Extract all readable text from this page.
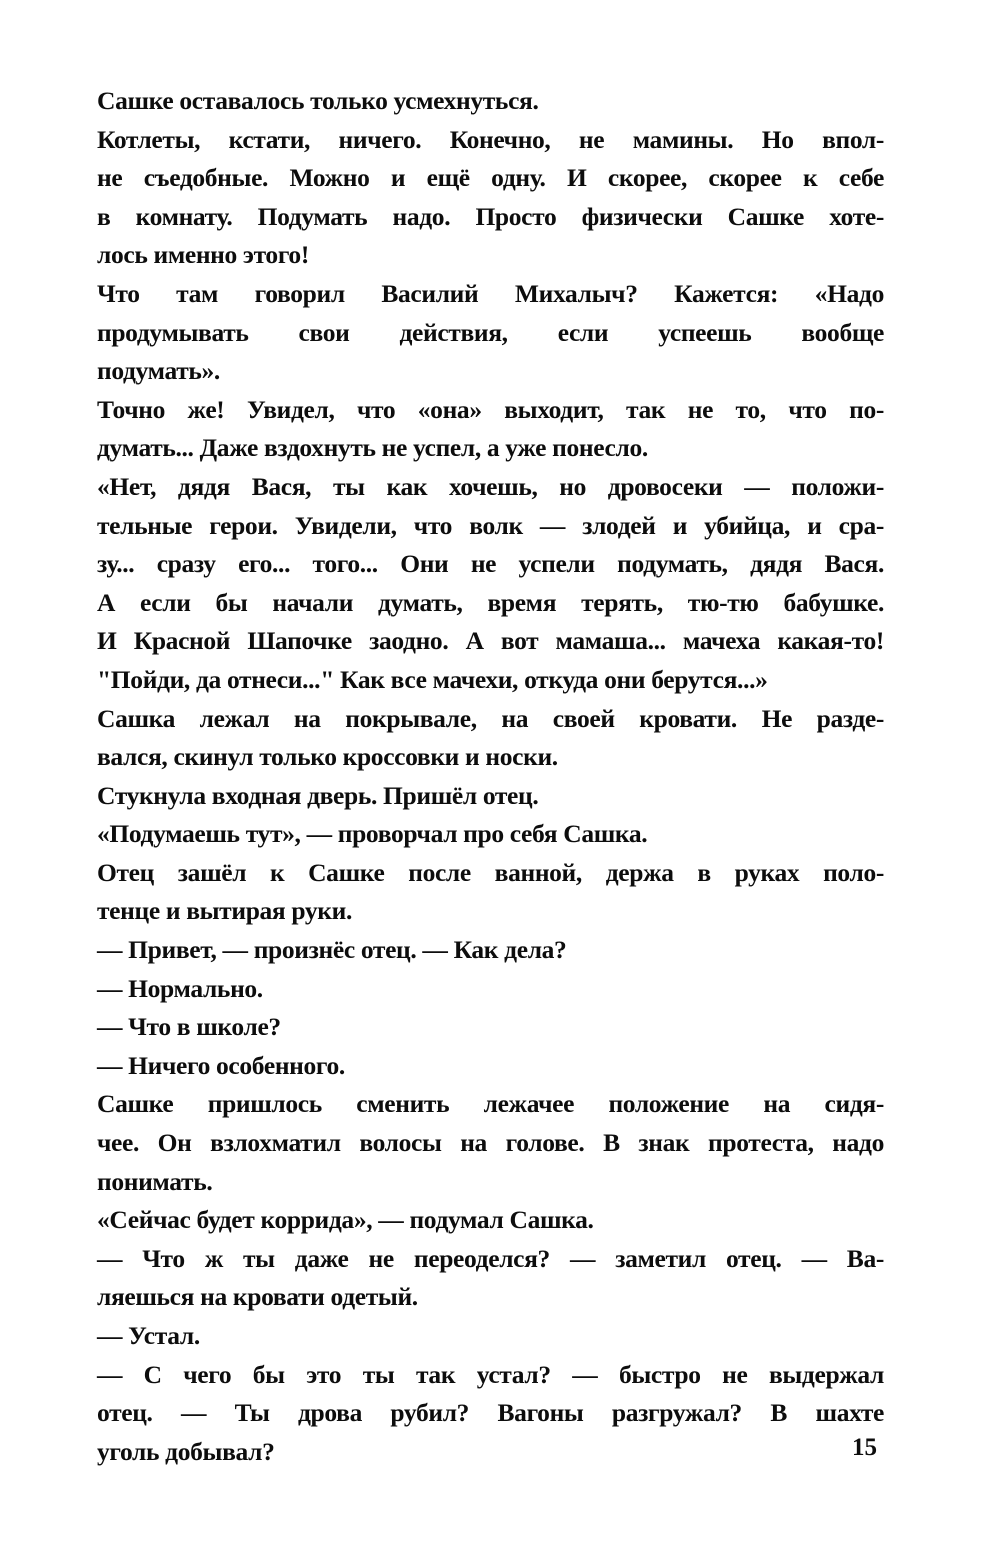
Сашке оставалось только усмехнуться.
Котлеты, кстати, ничего. Конечно, не мамины. Но впол-
не съедобные. Можно и ещё одну. И скорее, скорее к себе
в комнату. Подумать надо. Просто физически Сашке хоте-
лось именно этого!
Что там говорил Василий Михалыч? Кажется: «Надо
продумывать свои действия, если успеешь вообще
подумать».
Точно же! Увидел, что «она» выходит, так не то, что по-
думать... Даже вздохнуть не успел, а уже понесло.
«Нет, дядя Вася, ты как хочешь, но дровосеки — положи-
тельные герои. Увидели, что волк — злодей и убийца, и сра-
зу... сразу его... того... Они не успели подумать, дядя Вася.
А если бы начали думать, время терять, тю-тю бабушке.
И Красной Шапочке заодно. А вот мамаша... мачеха какая-то!
"Пойди, да отнеси..." Как все мачехи, откуда они берутся...»
Сашка лежал на покрывале, на своей кровати. Не разде-
вался, скинул только кроссовки и носки.
Стукнула входная дверь. Пришёл отец.
«Подумаешь тут», — проворчал про себя Сашка.
Отец зашёл к Сашке после ванной, держа в руках поло-
тенце и вытирая руки.
— Привет, — произнёс отец. — Как дела?
— Нормально.
— Что в школе?
— Ничего особенного.
Сашке пришлось сменить лежачее положение на сидя-
чее. Он взлохматил волосы на голове. В знак протеста, надо
понимать.
«Сейчас будет коррида», — подумал Сашка.
— Что ж ты даже не переоделся? — заметил отец. — Ва-
ляешься на кровати одетый.
— Устал.
— С чего бы это ты так устал? — быстро не выдержал
отец. — Ты дрова рубил? Вагоны разгружал? В шахте
уголь добывал?	15
